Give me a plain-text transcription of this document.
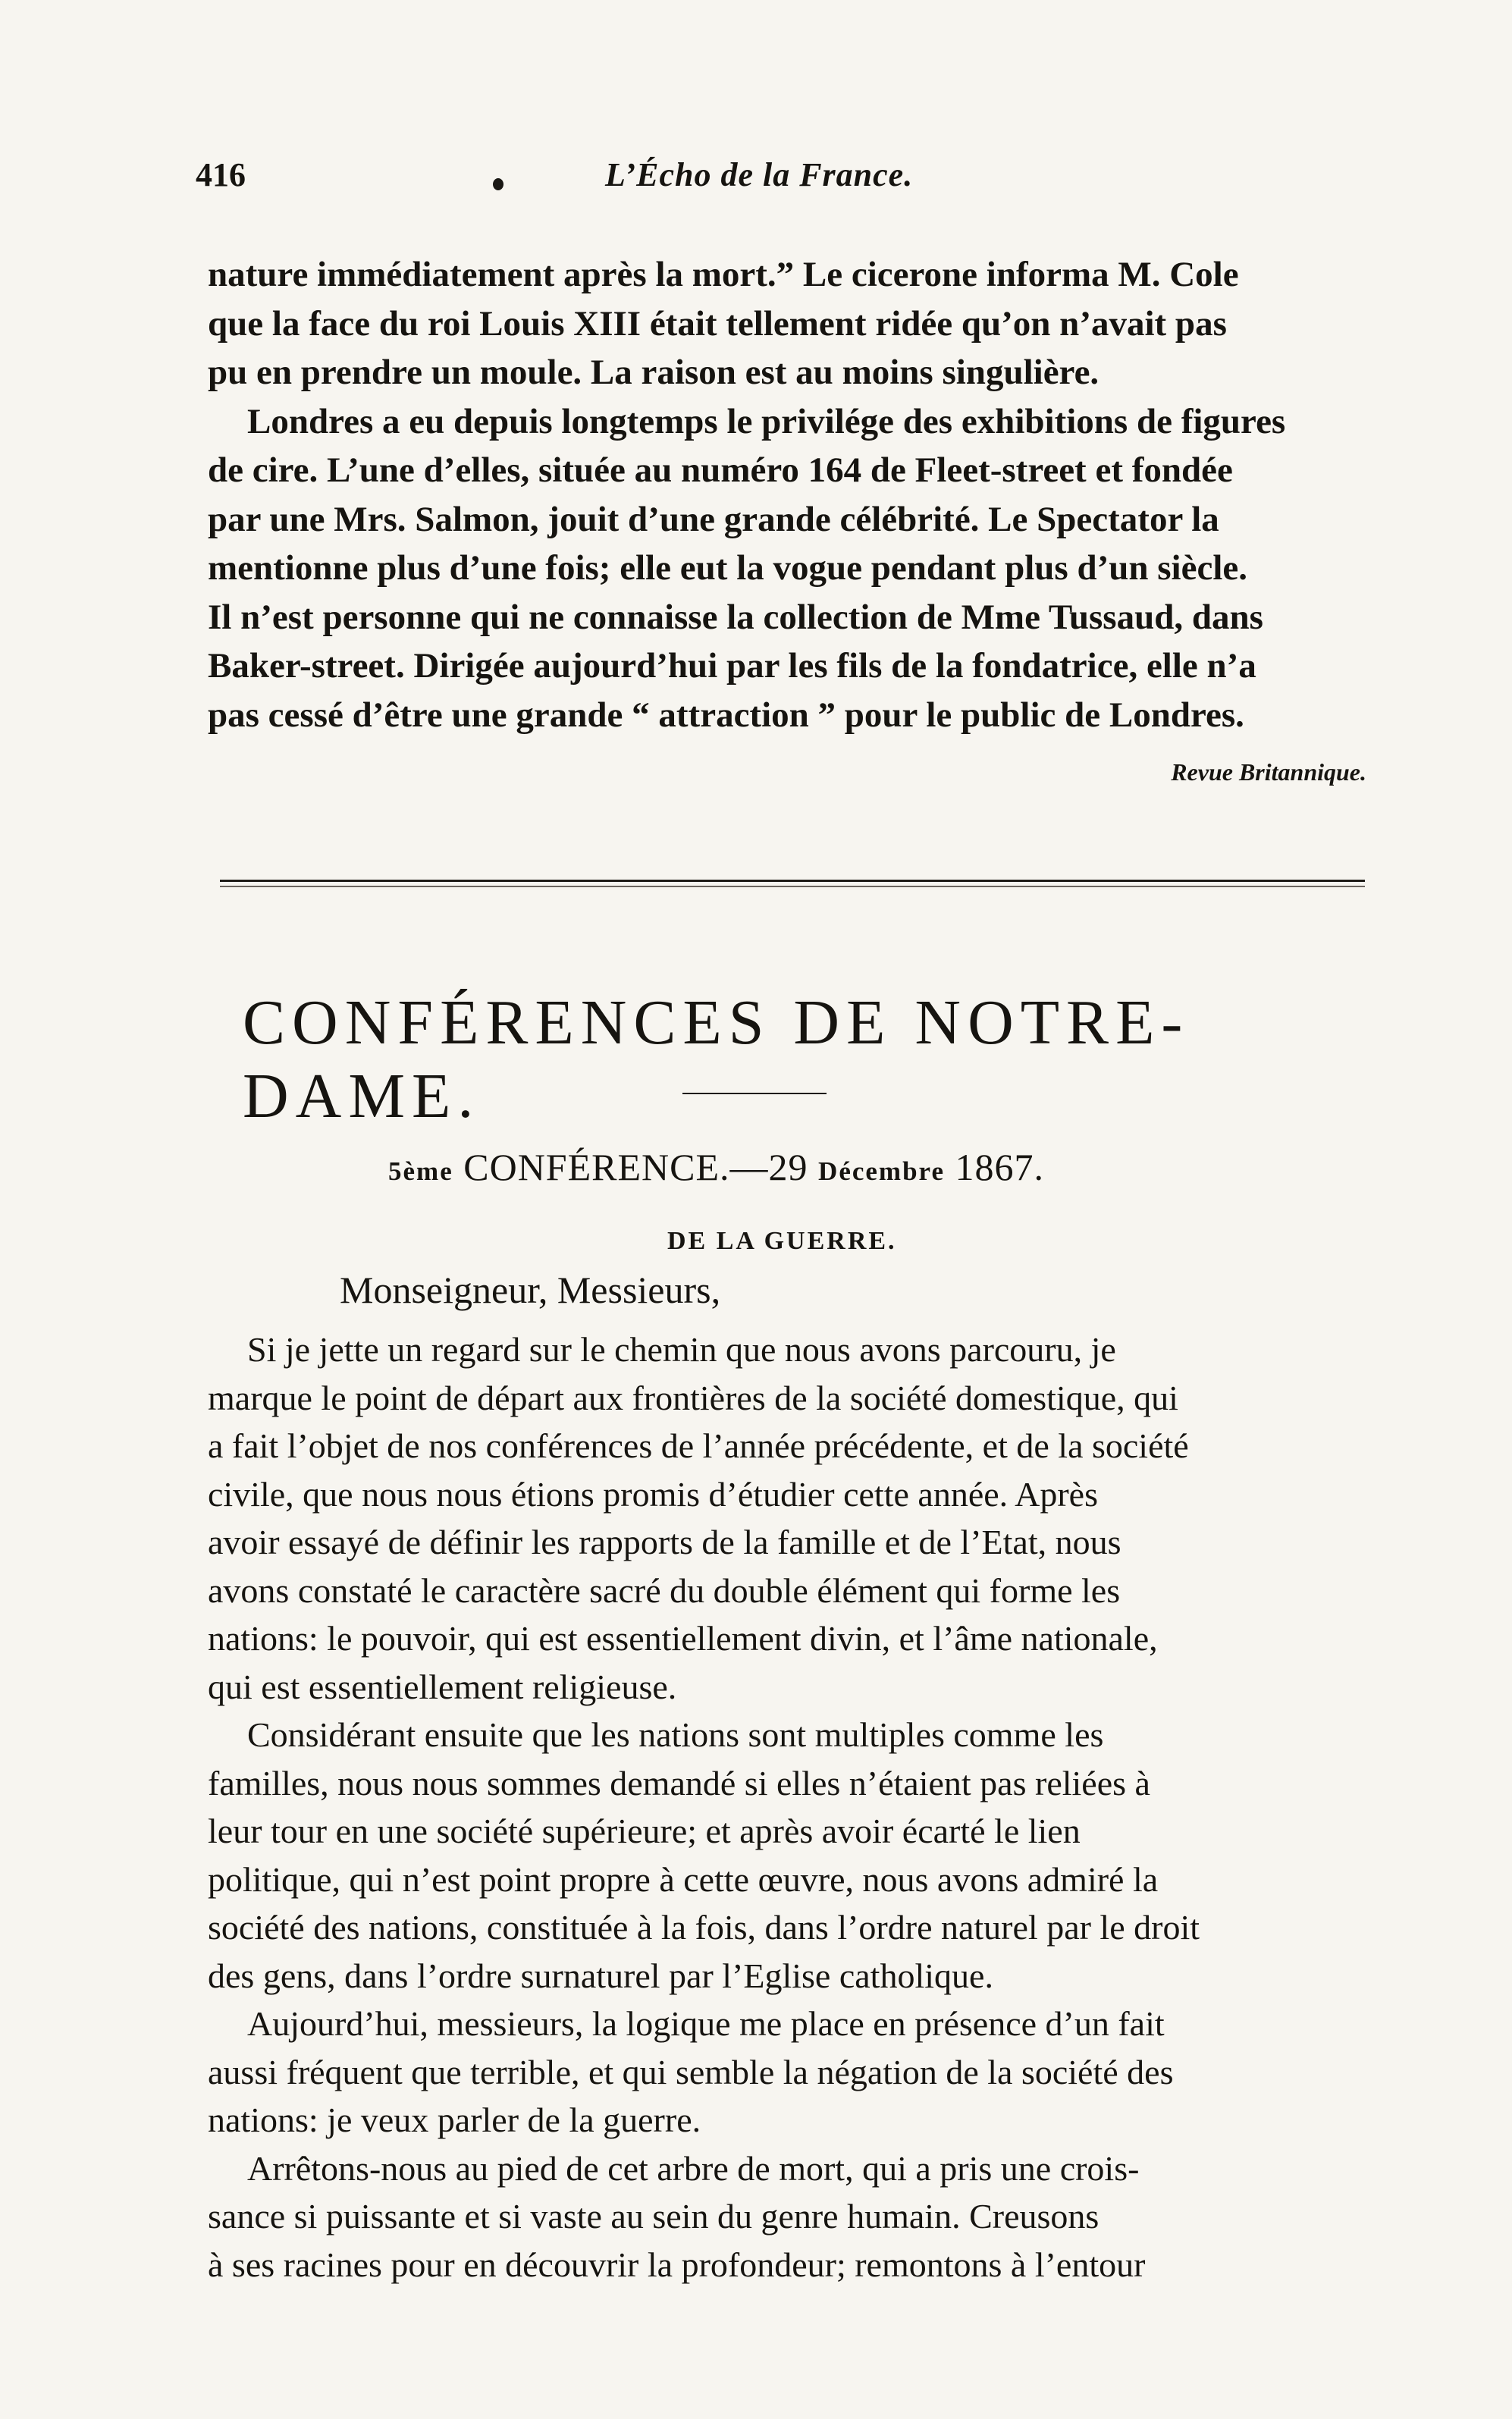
416	L’Écho de la France.

nature immédiatement après la mort.” Le cicerone informa M. Cole
que la face du roi Louis XIII était tellement ridée qu’on n’avait pas
pu en prendre un moule. La raison est au moins singulière.

Londres a eu depuis longtemps le privilége des exhibitions de figures
de cire. L’une d’elles, située au numéro 164 de Fleet-street et fondée
par une Mrs. Salmon, jouit d’une grande célébrité. Le Spectator la
mentionne plus d’une fois; elle eut la vogue pendant plus d’un siècle.
Il n’est personne qui ne connaisse la collection de Mme Tussaud, dans
Baker-street. Dirigée aujourd’hui par les fils de la fondatrice, elle n’a
pas cessé d’être une grande “ attraction ” pour le public de Londres.

Revue Britannique.
CONFÉRENCES DE NOTRE-DAME.
5ème CONFÉRENCE.—29 Décembre 1867.
DE LA GUERRE.
Monseigneur, Messieurs,

Si je jette un regard sur le chemin que nous avons parcouru, je
marque le point de départ aux frontières de la société domestique, qui
a fait l’objet de nos conférences de l’année précédente, et de la société
civile, que nous nous étions promis d’étudier cette année. Après
avoir essayé de définir les rapports de la famille et de l’Etat, nous
avons constaté le caractère sacré du double élément qui forme les
nations: le pouvoir, qui est essentiellement divin, et l’âme nationale,
qui est essentiellement religieuse.

Considérant ensuite que les nations sont multiples comme les
familles, nous nous sommes demandé si elles n’étaient pas reliées à
leur tour en une société supérieure; et après avoir écarté le lien
politique, qui n’est point propre à cette œuvre, nous avons admiré la
société des nations, constituée à la fois, dans l’ordre naturel par le droit
des gens, dans l’ordre surnaturel par l’Eglise catholique.

Aujourd’hui, messieurs, la logique me place en présence d’un fait
aussi fréquent que terrible, et qui semble la négation de la société des
nations: je veux parler de la guerre.

Arrêtons-nous au pied de cet arbre de mort, qui a pris une crois-
sance si puissante et si vaste au sein du genre humain. Creusons
à ses racines pour en découvrir la profondeur; remontons à l’entour
